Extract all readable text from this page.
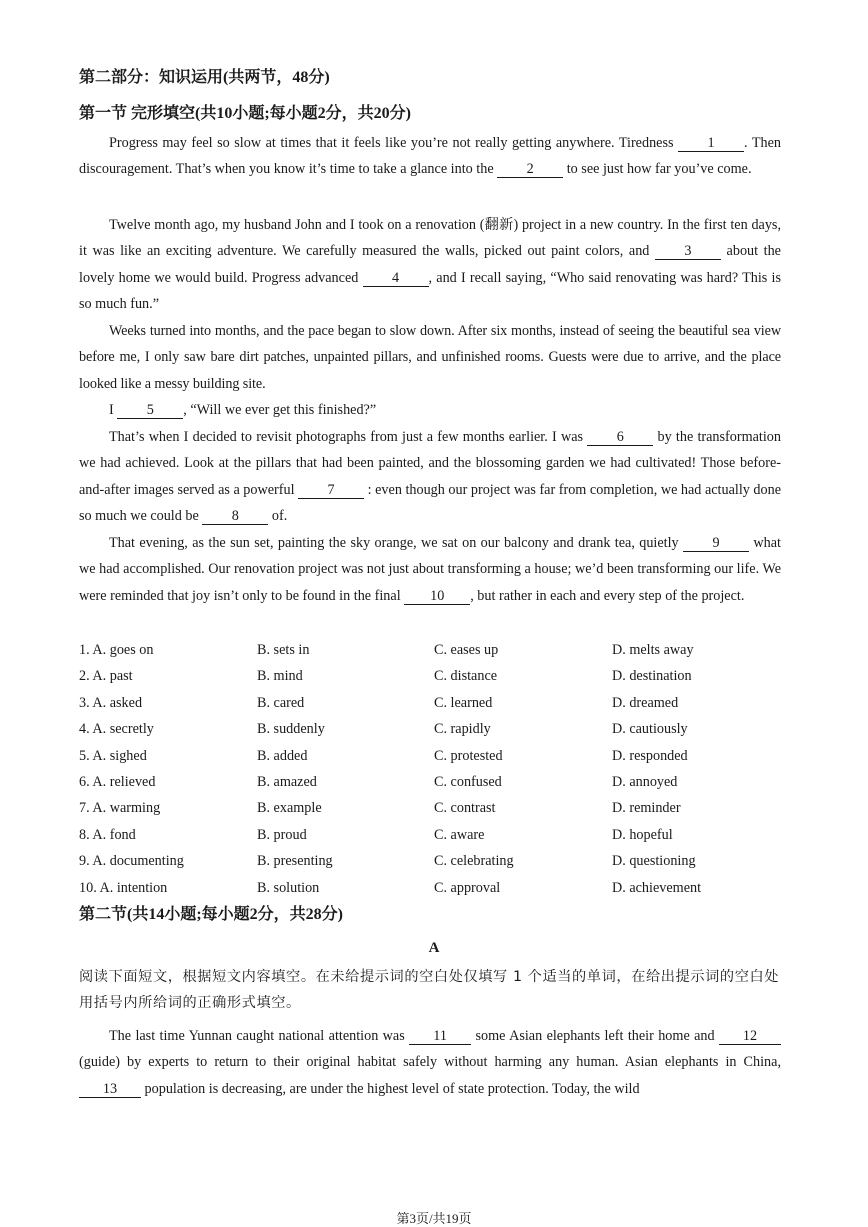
第二部分：知识运用(共两节，48分)
第一节 完形填空(共10小题;每小题2分，共20分)

Progress may feel so slow at times that it feels like you’re not really getting anywhere. Tiredness 1 . Then discouragement. That’s when you know it’s time to take a glance into the 2 to see just how far you’ve come.

Twelve month ago, my husband John and I took on a renovation (翻新) project in a new country. In the first ten days, it was like an exciting adventure. We carefully measured the walls, picked out paint colors, and 3 about the lovely home we would build. Progress advanced 4 , and I recall saying, “Who said renovating was hard? This is so much fun.”

Weeks turned into months, and the pace began to slow down. After six months, instead of seeing the beautiful sea view before me, I only saw bare dirt patches, unpainted pillars, and unfinished rooms. Guests were due to arrive, and the place looked like a messy building site.

I 5 , “Will we ever get this finished?”

That’s when I decided to revisit photographs from just a few months earlier. I was 6 by the transformation we had achieved. Look at the pillars that had been painted, and the blossoming garden we had cultivated! Those before-and-after images served as a powerful 7 : even though our project was far from completion, we had actually done so much we could be 8 of.

That evening, as the sun set, painting the sky orange, we sat on our balcony and drank tea, quietly 9 what we had accomplished. Our renovation project was not just about transforming a house; we’d been transforming our life. We were reminded that joy isn’t only to be found in the final 10 , but rather in each and every step of the project.

1. A. goes on	B. sets in	C. eases up	D. melts away
2. A. past	B. mind	C. distance	D. destination
3. A. asked	B. cared	C. learned	D. dreamed
4. A. secretly	B. suddenly	C. rapidly	D. cautiously
5. A. sighed	B. added	C. protested	D. responded
6. A. relieved	B. amazed	C. confused	D. annoyed
7. A. warming	B. example	C. contrast	D. reminder
8. A. fond	B. proud	C. aware	D. hopeful
9. A. documenting	B. presenting	C. celebrating	D. questioning
10. A. intention	B. solution	C. approval	D. achievement
第二节(共14小题;每小题2分，共28分)
A
阅读下面短文，根据短文内容填空。在未给提示词的空白处仅填写 1 个适当的单词，在给出提示词的空白处用括号内所给词的正确形式填空。

The last time Yunnan caught national attention was 11 some Asian elephants left their home and 12 (guide) by experts to return to their original habitat safely without harming any human. Asian elephants in China, 13 population is decreasing, are under the highest level of state protection. Today, the wild

第3页/共19页
